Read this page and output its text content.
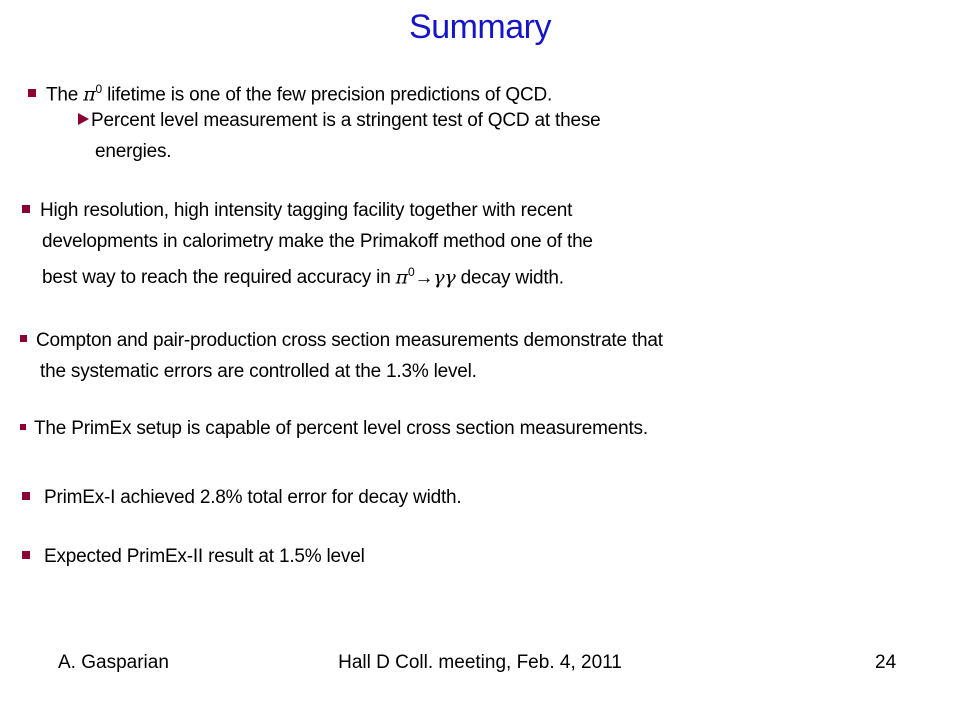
Summary
The $\pi^0$ lifetime is one of the few precision predictions of QCD.
Percent level measurement is a stringent test of QCD at these
energies.
High resolution, high intensity tagging facility together with recent
developments in calorimetry make the Primakoff method one of the
best way to reach the required accuracy in $\pi^0\to\gamma\gamma$ decay width.
Compton and pair-production cross section measurements demonstrate that
the systematic errors are controlled at the 1.3% level.
The PrimEx setup is capable of percent level cross section measurements.
PrimEx-I achieved 2.8% total error for decay width.
Expected PrimEx-II result at 1.5% level
A. Gasparian	Hall D Coll. meeting, Feb. 4, 2011	24
